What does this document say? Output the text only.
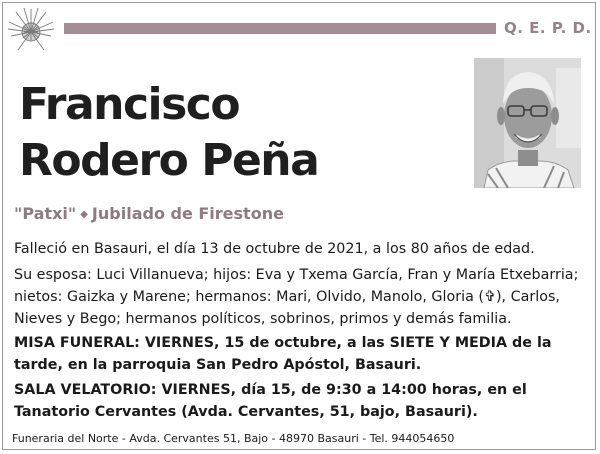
Q. E. P. D.
Francisco
Rodero Peña
"Patxi" ◆ Jubilado de Firestone
Falleció en Basauri, el día 13 de octubre de 2021, a los 80 años de edad.
Su esposa: Luci Villanueva; hijos: Eva y Txema García, Fran y María Etxebarria; nietos: Gaizka y Marene; hermanos: Mari, Olvido, Manolo, Gloria (✞), Carlos, Nieves y Bego; hermanos políticos, sobrinos, primos y demás familia.
MISA FUNERAL: VIERNES, 15 de octubre, a las SIETE Y MEDIA de la tarde, en la parroquia San Pedro Apóstol, Basauri.
SALA VELATORIO: VIERNES, día 15, de 9:30 a 14:00 horas, en el Tanatorio Cervantes (Avda. Cervantes, 51, bajo, Basauri).
Funeraria del Norte - Avda. Cervantes 51, Bajo - 48970 Basauri - Tel. 944054650
